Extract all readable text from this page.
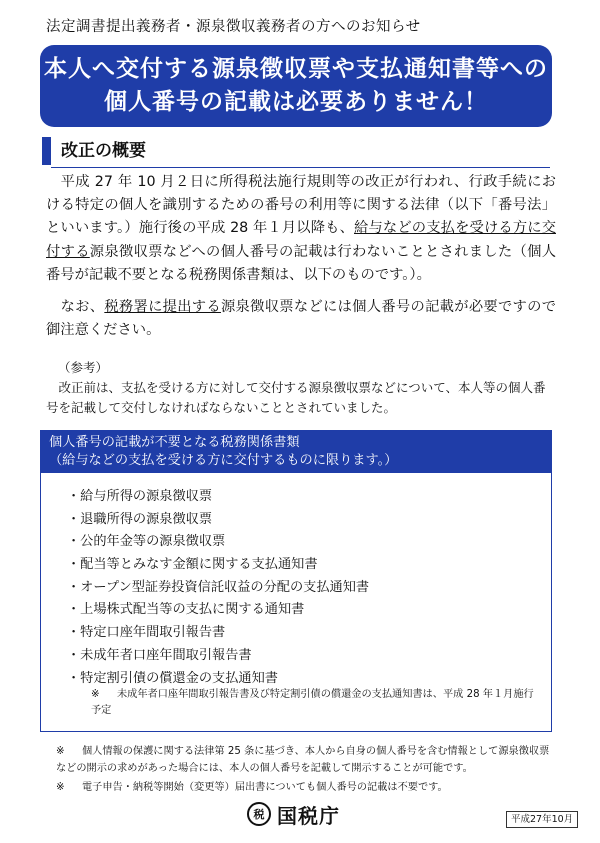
法定調書提出義務者・源泉徴収義務者の方へのお知らせ
本人へ交付する源泉徴収票や支払通知書等への
個人番号の記載は必要ありません！
改正の概要

　平成 27 年 10 月２日に所得税法施行規則等の改正が行われ、行政手続における特定の個人を識別するための番号の利用等に関する法律（以下「番号法」といいます。）施行後の平成 28 年１月以降も、給与などの支払を受ける方に交付する源泉徴収票などへの個人番号の記載は行わないこととされました（個人番号が記載不要となる税務関係書類は、以下のものです。）。

　なお、税務署に提出する源泉徴収票などには個人番号の記載が必要ですので御注意ください。

（参考）
　改正前は、支払を受ける方に対して交付する源泉徴収票などについて、本人等の個人番号を記載して交付しなければならないこととされていました。
個人番号の記載が不要となる税務関係書類
（給与などの支払を受ける方に交付するものに限ります。）
・給与所得の源泉徴収票
・退職所得の源泉徴収票
・公的年金等の源泉徴収票
・配当等とみなす金額に関する支払通知書
・オープン型証券投資信託収益の分配の支払通知書
・上場株式配当等の支払に関する通知書
・特定口座年間取引報告書
・未成年者口座年間取引報告書
・特定割引債の償還金の支払通知書
※ 未成年者口座年間取引報告書及び特定割引債の償還金の支払通知書は、平成 28 年１月施行予定
※ 個人情報の保護に関する法律第 25 条に基づき、本人から自身の個人番号を含む情報として源泉徴収票などの開示の求めがあった場合には、本人の個人番号を記載して開示することが可能です。
※ 電子申告・納税等開始（変更等）届出書についても個人番号の記載は不要です。
税 国税庁	平成27年10月
